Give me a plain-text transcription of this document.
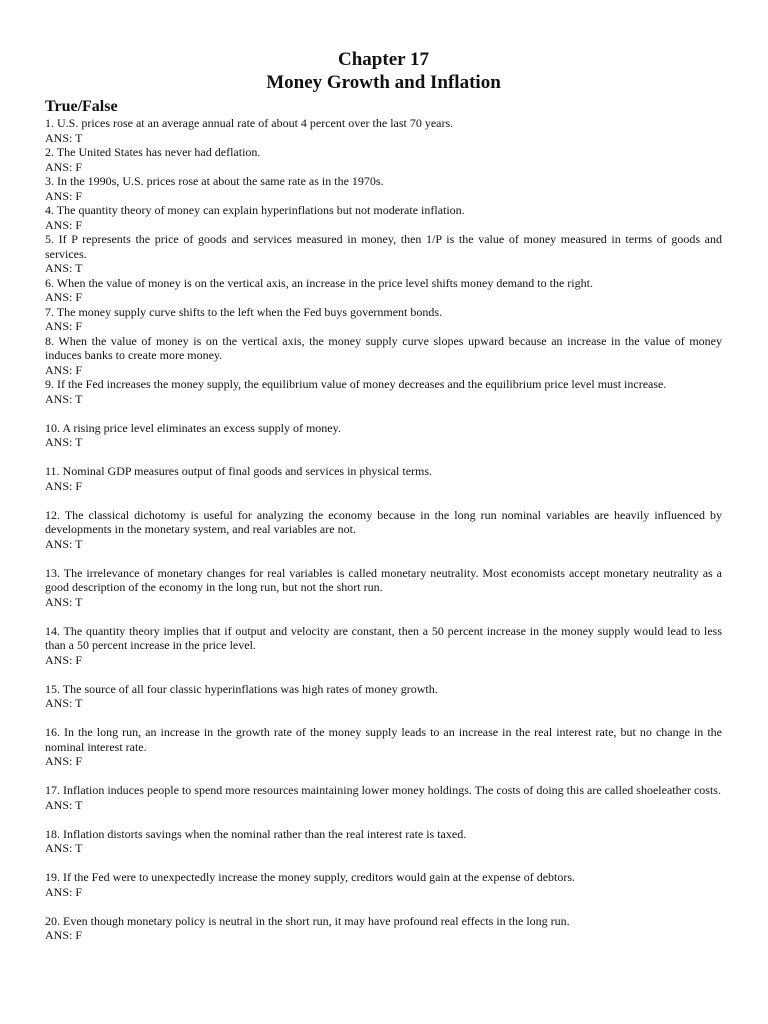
Chapter 17
Money Growth and Inflation
True/False
1. U.S. prices rose at an average annual rate of about 4 percent over the last 70 years.
ANS: T
2. The United States has never had deflation.
ANS: F
3. In the 1990s, U.S. prices rose at about the same rate as in the 1970s.
ANS: F
4. The quantity theory of money can explain hyperinflations but not moderate inflation.
ANS: F
5. If P represents the price of goods and services measured in money, then 1/P is the value of money measured in terms of goods and services.
ANS: T
6. When the value of money is on the vertical axis, an increase in the price level shifts money demand to the right.
ANS: F
7. The money supply curve shifts to the left when the Fed buys government bonds.
ANS: F
8. When the value of money is on the vertical axis, the money supply curve slopes upward because an increase in the value of money induces banks to create more money.
ANS: F
9. If the Fed increases the money supply, the equilibrium value of money decreases and the equilibrium price level must increase.
ANS: T
10. A rising price level eliminates an excess supply of money.
ANS: T
11. Nominal GDP measures output of final goods and services in physical terms.
ANS: F
12. The classical dichotomy is useful for analyzing the economy because in the long run nominal variables are heavily influenced by developments in the monetary system, and real variables are not.
ANS: T
13. The irrelevance of monetary changes for real variables is called monetary neutrality. Most economists accept monetary neutrality as a good description of the economy in the long run, but not the short run.
ANS: T
14. The quantity theory implies that if output and velocity are constant, then a 50 percent increase in the money supply would lead to less than a 50 percent increase in the price level.
ANS: F
15. The source of all four classic hyperinflations was high rates of money growth.
ANS: T
16. In the long run, an increase in the growth rate of the money supply leads to an increase in the real interest rate, but no change in the nominal interest rate.
ANS: F
17. Inflation induces people to spend more resources maintaining lower money holdings. The costs of doing this are called shoeleather costs.
ANS: T
18. Inflation distorts savings when the nominal rather than the real interest rate is taxed.
ANS: T
19. If the Fed were to unexpectedly increase the money supply, creditors would gain at the expense of debtors.
ANS: F
20. Even though monetary policy is neutral in the short run, it may have profound real effects in the long run.
ANS: F
